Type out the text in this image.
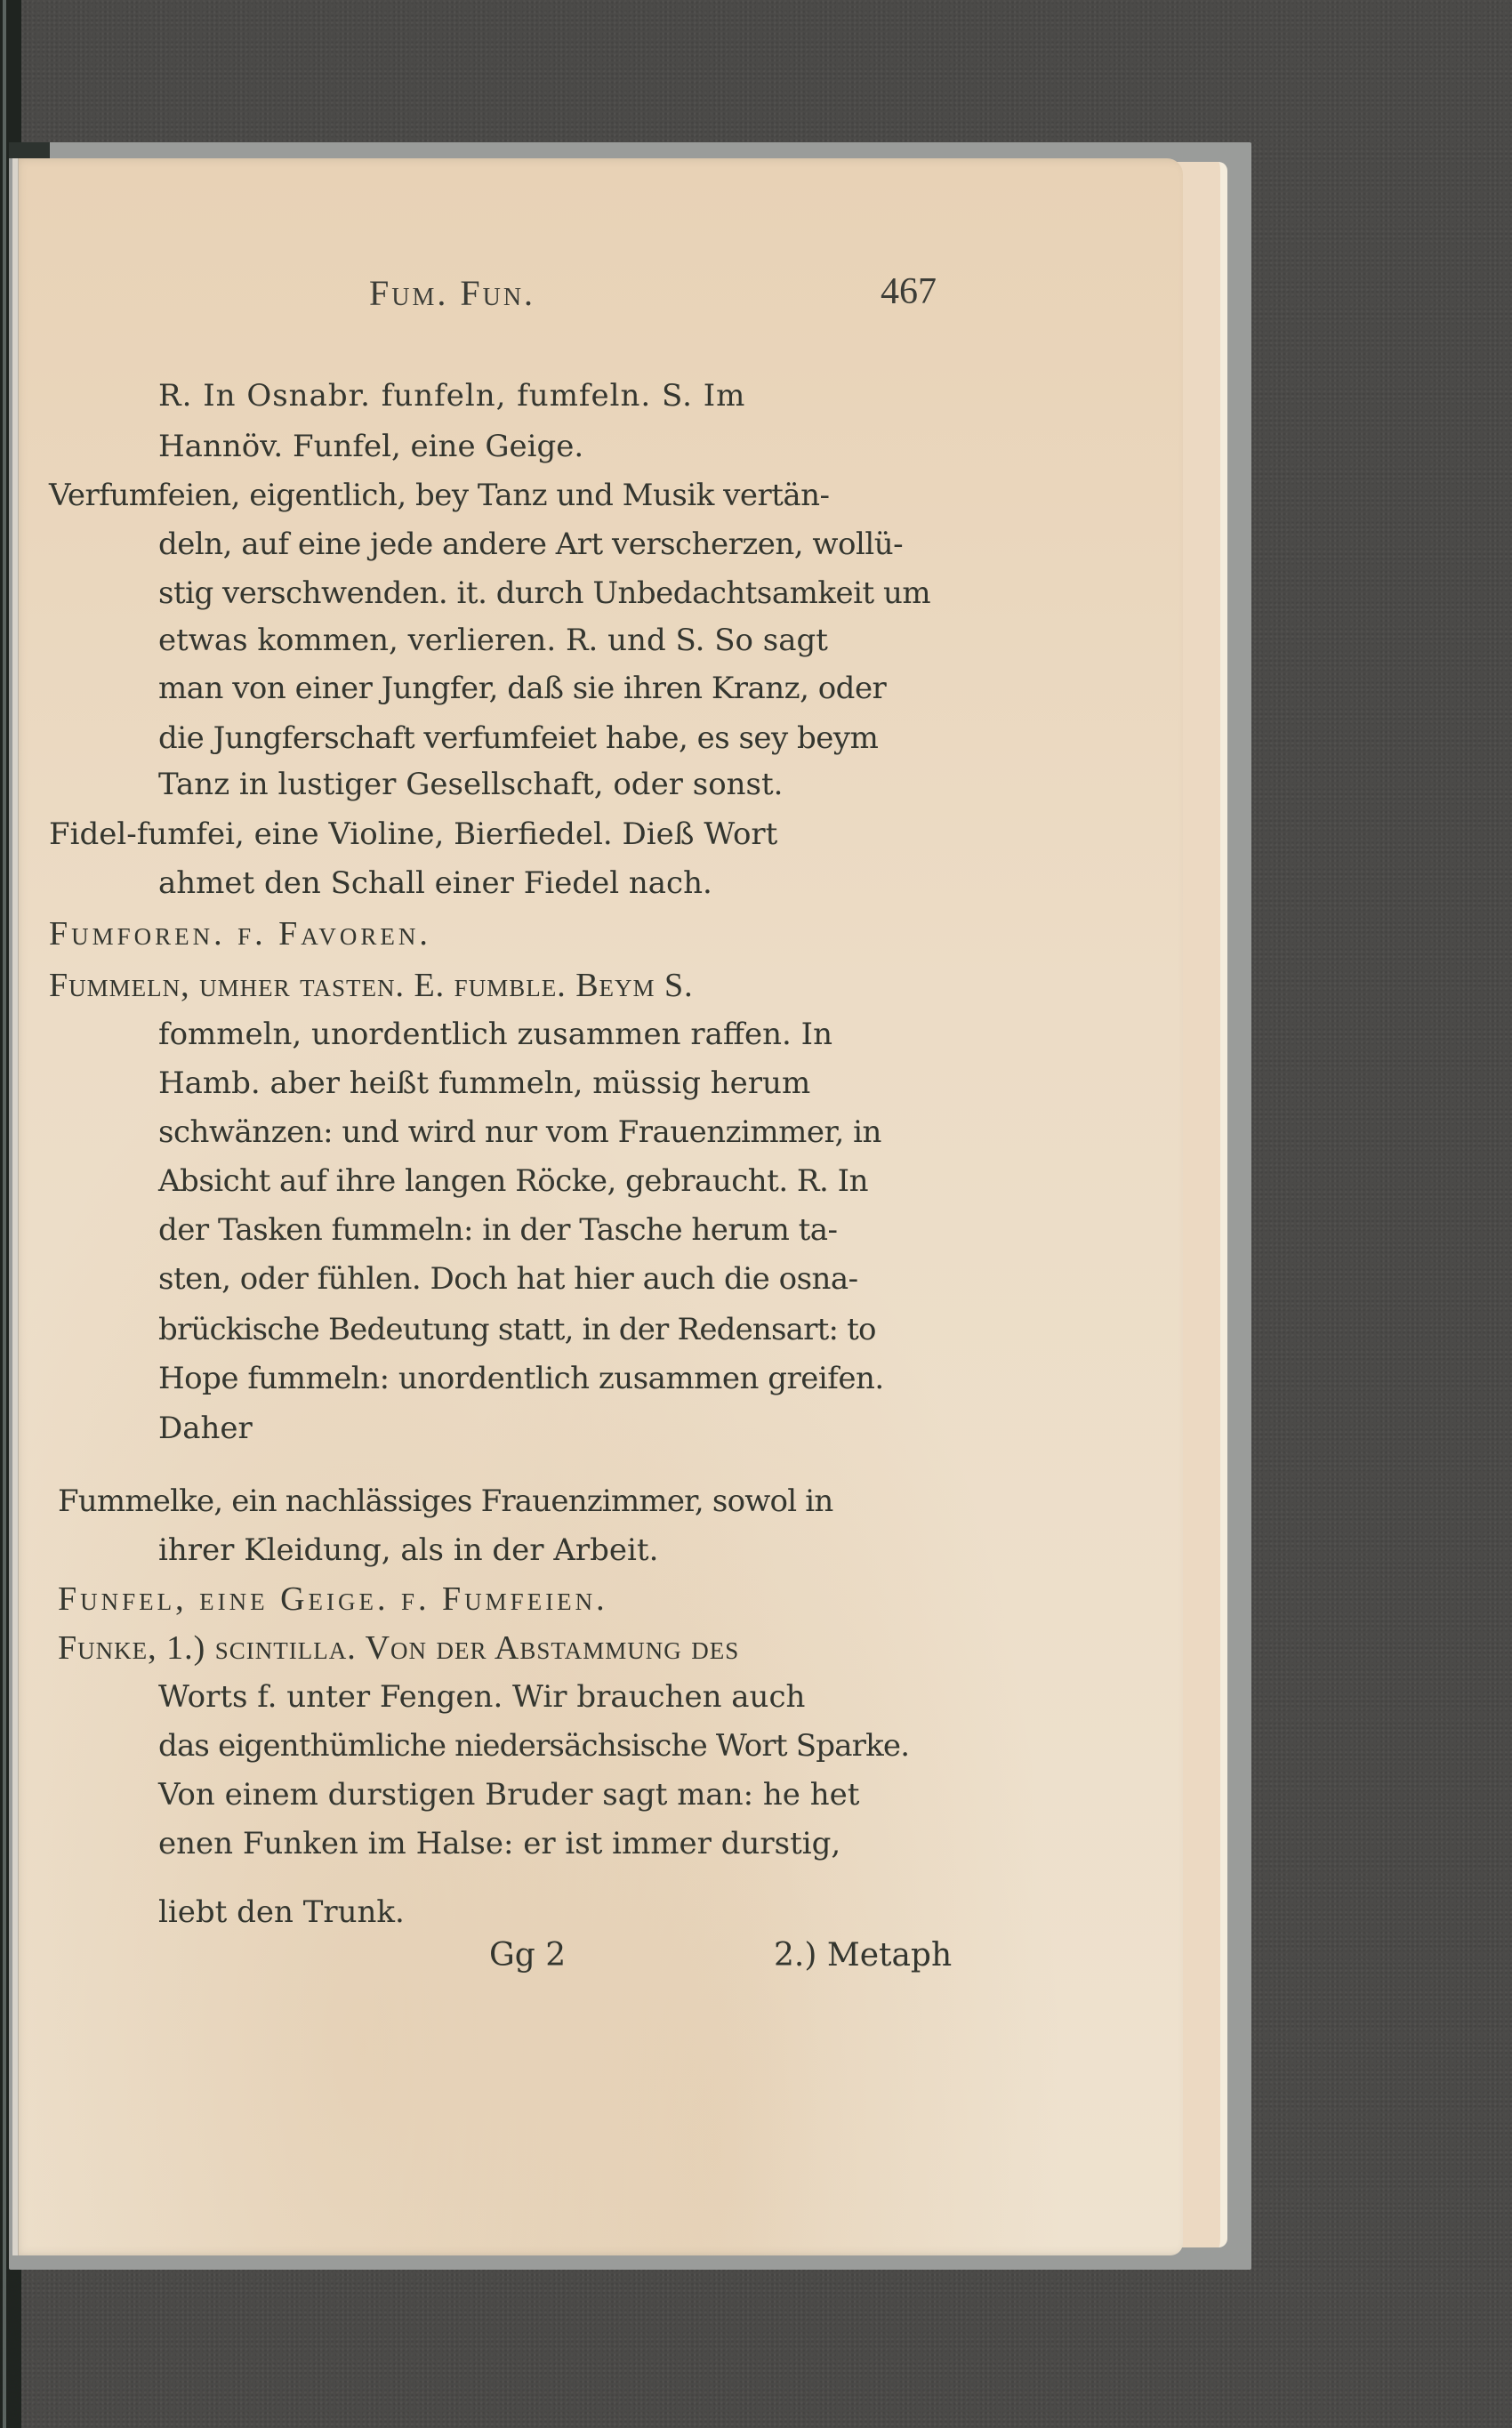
Fum. Fun.	467
R. In Osnabr. funfeln, fumfeln. S. Im
Hannöv. Funfel, eine Geige.
Verfumfeien, eigentlich, bey Tanz und Musik vertän-
deln, auf eine jede andere Art verscherzen, wollü-
stig verschwenden. it. durch Unbedachtsamkeit um
etwas kommen, verlieren. R. und S. So sagt
man von einer Jungfer, daß sie ihren Kranz, oder
die Jungferschaft verfumfeiet habe, es sey beym
Tanz in lustiger Gesellschaft, oder sonst.
Fidel-fumfei, eine Violine, Bierfiedel. Dieß Wort
ahmet den Schall einer Fiedel nach.
Fumforen. f. Favoren.
Fummeln, umher tasten. E. fumble. Beym S.
fommeln, unordentlich zusammen raffen. In
Hamb. aber heißt fummeln, müssig herum
schwänzen: und wird nur vom Frauenzimmer, in
Absicht auf ihre langen Röcke, gebraucht. R. In
der Tasken fummeln: in der Tasche herum ta-
sten, oder fühlen. Doch hat hier auch die osna-
brückische Bedeutung statt, in der Redensart: to
Hope fummeln: unordentlich zusammen greifen.
Daher
Fummelke, ein nachlässiges Frauenzimmer, sowol in
ihrer Kleidung, als in der Arbeit.
Funfel, eine Geige. f. Fumfeien.
Funke, 1.) scintilla. Von der Abstammung des
Worts f. unter Fengen. Wir brauchen auch
das eigenthümliche niedersächsische Wort Sparke.
Von einem durstigen Bruder sagt man: he het
enen Funken im Halse: er ist immer durstig,
liebt den Trunk.
Gg 2	2.) Metaph
